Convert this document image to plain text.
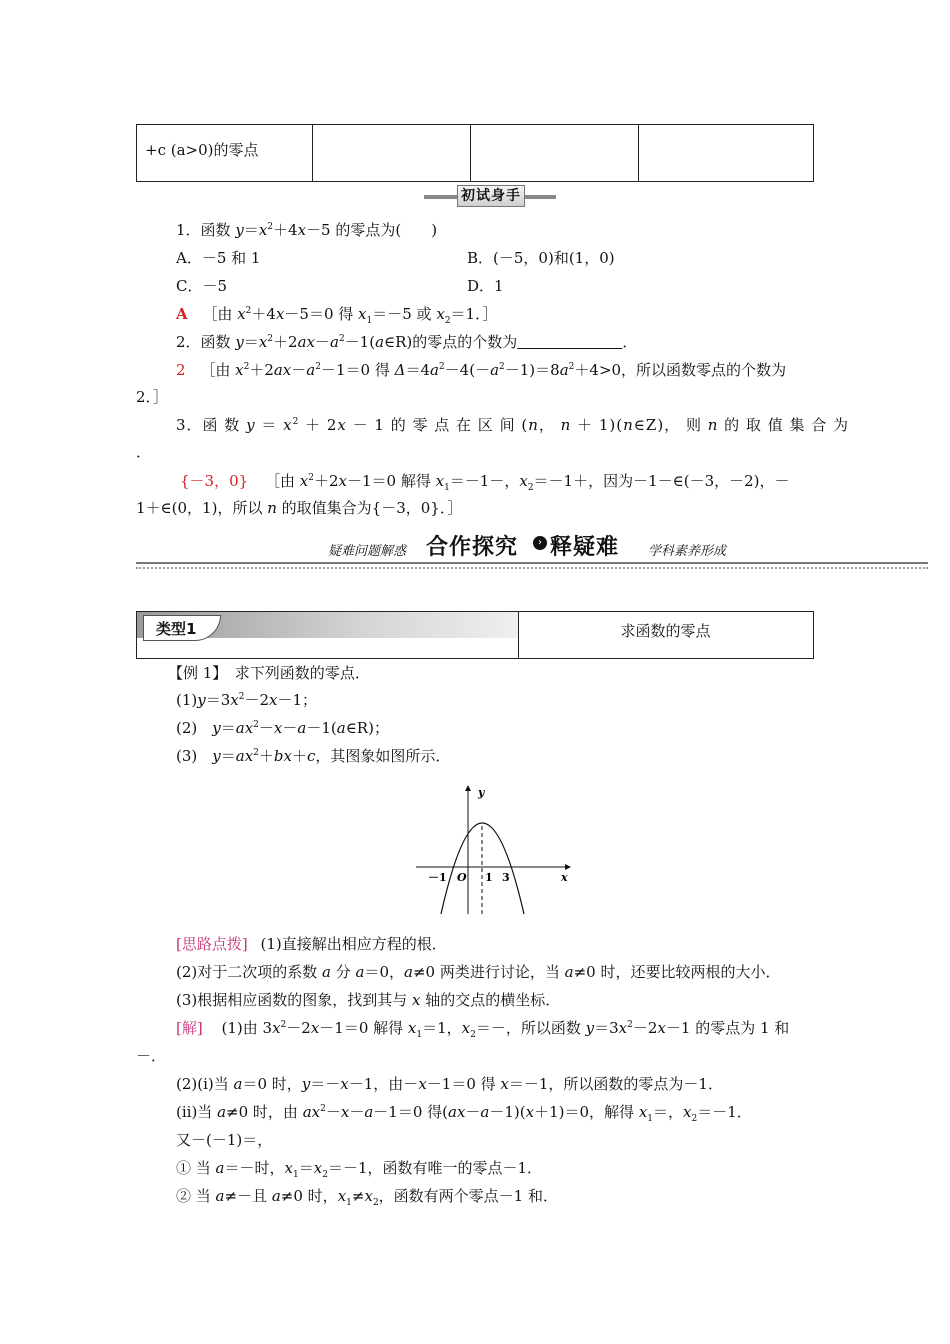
+c (a>0)的零点
初试身手
1．函数 $y=x^2+4x-5$ 的零点为(　　)
A．－5 和 1	B．(－5，0)和(1，0)
C．－5	D．1
A ［由 $x^2+4x-5=0$ 得 $x_1=-5$ 或 $x_2=1$．］
2．函数 $y=x^2+2ax-a^2-1(a\in R)$的零点的个数为　　　　　　　	．
2 ［由 $x^2+2ax-a^2-1=0$ 得 $\Delta=4a^2-4(-a^2-1)=8a^2+4>0$，所以函数零点的个数为
2．］
3．函 数 $y = x^2 + 2x - 1$ 的 零 点 在 区 间 (n， n ＋ 1)(n∈Z)， 则 n 的 取 值 集 合 为
．
{－3，0} ［由 $x^2+2x-1=0$ 解得 $x_1=-1-$，$x_2=-1+$，因为－1－∈(－3，－2)，－
1＋∈(0，1)，所以 n 的取值集合为{－3，0}．］
疑难问题解惑 合作探究	› 释疑难 学科素养形成
类型1	求函数的零点
【例 1】　求下列函数的零点．
$(1)y=3x^2-2x-1$；
(2)　$y=ax^2-x-a-1(a\in R)$；
(3)　$y=ax^2+bx+c$，其图象如图所示．
y
x
O
－1	1 3
[思路点拨] (1)直接解出相应方程的根．
(2)对于二次项的系数 a 分 a＝0，a≠0 两类进行讨论，当 a≠0 时，还要比较两根的大小．
(3)根据相应函数的图象，找到其与 x 轴的交点的横坐标．
[解] (1)由 $3x^2-2x-1=0$ 解得 $x_1=1$，$x_2=-$，所以函数 $y=3x^2-2x-1$ 的零点为 1 和
－．
(2)(ⅰ)当 a＝0 时，y＝－x－1，由－x－1＝0 得 x＝－1，所以函数的零点为－1．
(ⅱ)当 a≠0 时，由 $ax^2-x-a-1=0$ 得(ax－a－1)(x＋1)＝0，解得 $x_1=$，$x_2=-1$．
又－(－1)＝，
① 当 a＝－时，$x_1=x_2=-1$，函数有唯一的零点－1．
② 当 a≠－且 a≠0 时，$x_1\ne x_2$，函数有两个零点－1 和．
